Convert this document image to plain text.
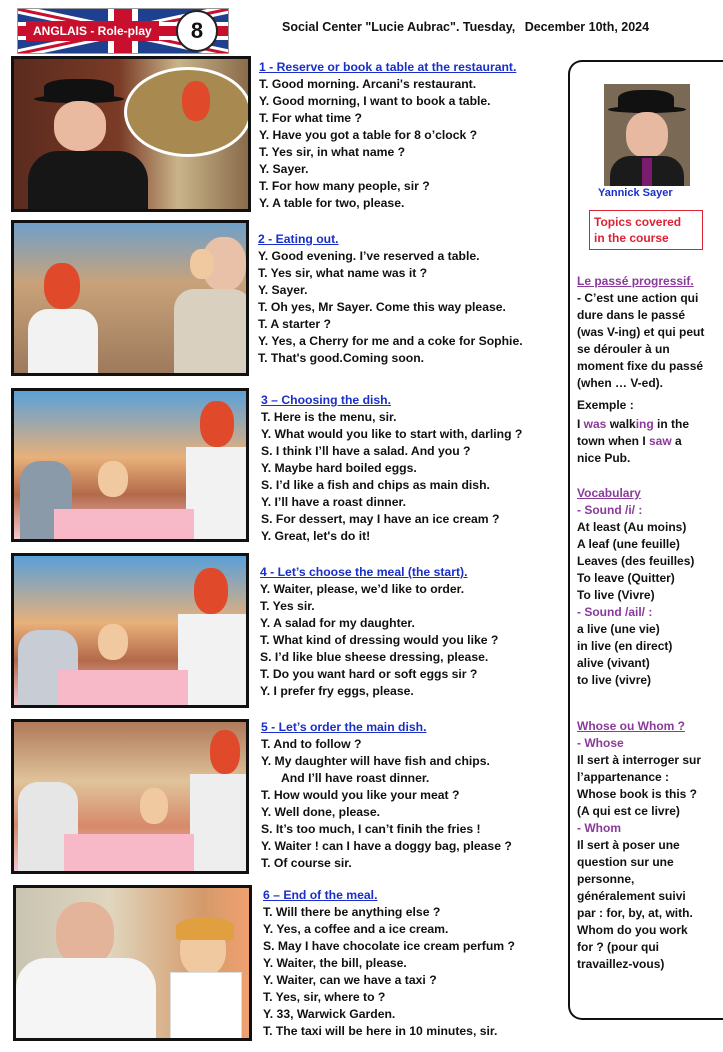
ANGLAIS - Role-play	8	Social Center "Lucie Aubrac". Tuesday, December 10th, 2024
1 - Reserve or book a table at the restaurant.
T. Good morning. Arcani's restaurant.
Y. Good morning, I want to book a table.
T. For what time ?
Y. Have you got a table for 8 o’clock ?
T. Yes sir, in what name ?
Y. Sayer.
T. For how many people, sir ?
Y. A table for two, please.
2 - Eating out.
Y. Good evening. I’ve reserved a table.
T. Yes sir, what name was it ?
Y. Sayer.
T. Oh yes, Mr Sayer. Come this way please.
T. A starter ?
Y. Yes, a Cherry for me and a coke for Sophie.
T. That's good.Coming soon.
3 – Choosing the dish.
T. Here is the menu, sir.
Y. What would you like to start with, darling ?
S. I think I’ll have a salad. And you ?
Y. Maybe hard boiled eggs.
S. I’d like a fish and chips as main dish.
Y. I’ll have a roast dinner.
S. For dessert, may I have an ice cream ?
Y. Great, let's do it!
4 - Let’s choose the meal (the start).
Y. Waiter, please, we’d like to order.
T. Yes sir.
Y. A salad for my daughter.
T. What kind of dressing would you like ?
S. I’d like blue sheese dressing, please.
T. Do you want hard or soft eggs sir ?
Y. I prefer fry eggs, please.
5 - Let’s order the main dish.
T. And to follow ?
Y. My daughter will have fish and chips.
And I’ll have roast dinner.
T. How would you like your meat ?
Y. Well done, please.
S. It’s too much, I can’t finih the fries !
Y. Waiter ! can I have a doggy bag, please ?
T. Of course sir.
6 – End of the meal.
T. Will there be anything else ?
Y. Yes, a coffee and a ice cream.
S. May I have chocolate ice cream perfum ?
Y. Waiter, the bill, please.
Y. Waiter, can we have a taxi ?
T. Yes, sir, where to ?
Y. 33, Warwick Garden.
T. The taxi will be here in 10 minutes, sir.
Yannick Sayer
Topics covered
in the course
Le passé progressif.
- C’est une action qui
dure dans le passé
(was V-ing) et qui peut
se dérouler à un
moment fixe du passé
(when … V-ed).
Exemple :
I was walking in the
town when I saw a
nice Pub.
Vocabulary
- Sound /i/ :
At least (Au moins)
A leaf (une feuille)
Leaves (des feuilles)
To leave (Quitter)
To live (Vivre)
- Sound /ail/ :
a live (une vie)
in live (en direct)
alive (vivant)
to live (vivre)
Whose ou Whom ?
- Whose
Il sert à interroger sur
l’appartenance :
Whose book is this ?
(A qui est ce livre)
- Whom
Il sert à poser une
question sur une
personne,
généralement suivi
par : for, by, at, with.
Whom do you work
for ? (pour qui
travaillez-vous)
